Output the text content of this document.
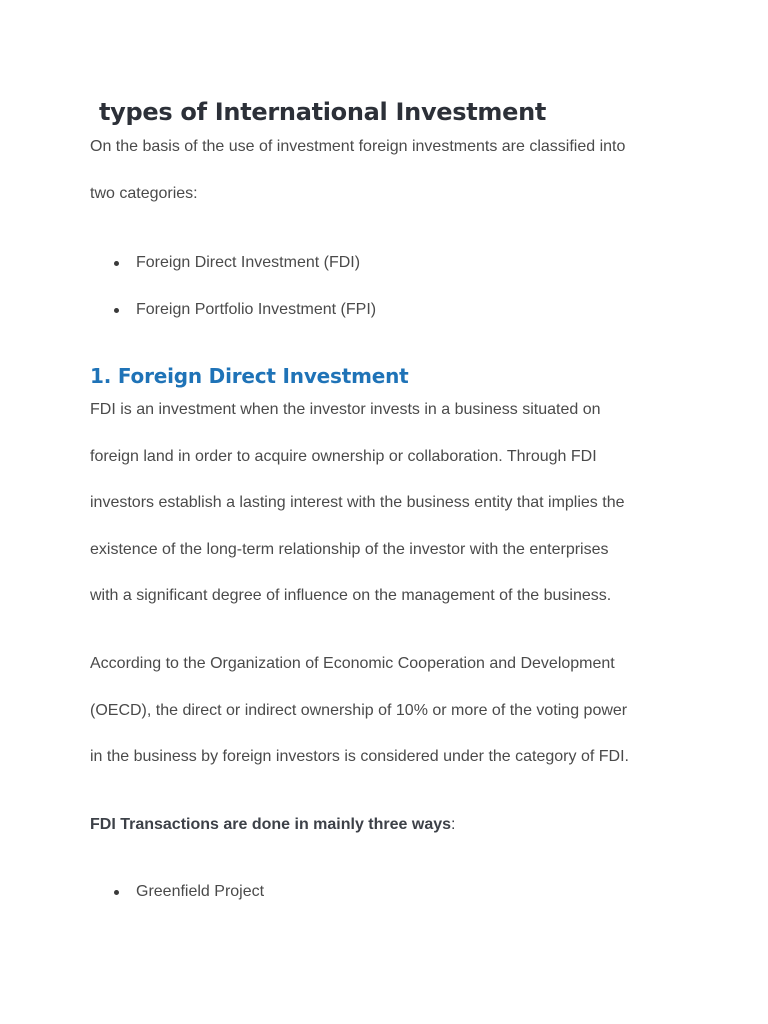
types of International Investment

On the basis of the use of investment foreign investments are classified into
two categories:

Foreign Direct Investment (FDI)
Foreign Portfolio Investment (FPI)
1. Foreign Direct Investment

FDI is an investment when the investor invests in a business situated on
foreign land in order to acquire ownership or collaboration. Through FDI
investors establish a lasting interest with the business entity that implies the
existence of the long-term relationship of the investor with the enterprises
with a significant degree of influence on the management of the business.

According to the Organization of Economic Cooperation and Development
(OECD), the direct or indirect ownership of 10% or more of the voting power
in the business by foreign investors is considered under the category of FDI.

FDI Transactions are done in mainly three ways:

Greenfield Project
